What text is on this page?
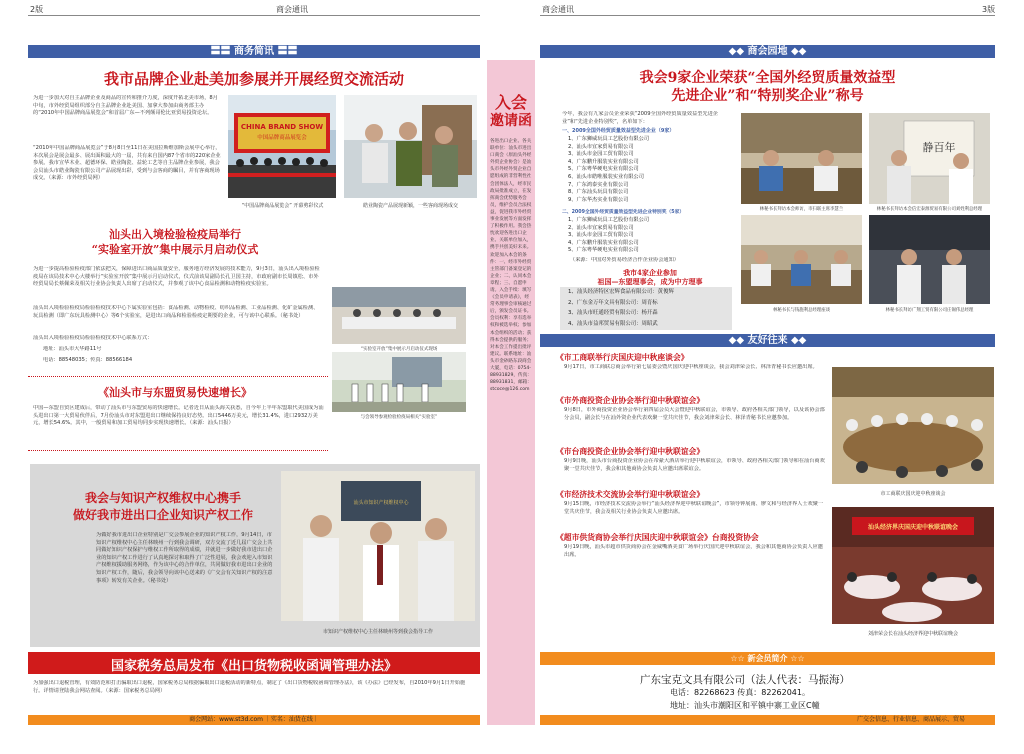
2版	商会通讯
〓〓 商务简讯 〓〓
我市品牌企业赴美加参展并开展经贸交流活动
为进一步加大对自主品牌企业及商品的宣传和推介力度，深度开拓北美市场，8月中旬，市外经贸局组织部分自主品牌企业赴美国、加拿大参加由商务部主办的“2010年中国品牌商品展览会”和首届广东—不列颠哥伦比亚贸易投资论坛。
“2010年中国品牌商品展览会”于8月8日至11日在美国拉斯维加斯会展中心举行，本次展会是展会最多、展出面积最大的一届，共有来自国内87个省市的220家企业参展。我市宣华木业、超德环保、皓业陶瓷、益轮工艺等自主品牌企业参展，我会会员汕头市皓业陶瓷有限公司产品展现出彩，受到与会客商的瞩目，并有客商现场成交。（来源：市外经贸局网）
CHINA BRAND SHOW
中国品牌商品展览会
“中国品牌商品展览会” 开幕剪彩仪式	皓业陶瓷产品展现新颖，一些客商现场成交
汕头出入境检验检疫局举行
“实验室开放”集中展示月启动仪式
为进一步提高检验检疫部门依法把关，保障进出口商品质量安全，服务地方经济发展的技术能力，9月3日，汕头出入境检验检疫局在该局技术中心大楼举行“实验室开放”集中展示月启动仪式，仪式前该局副局长孔卫国主持，市政府副市长周镇松、市外经贸局局长蔡佩荣及相关行业协会负责人出席了启动仪式，并参观了该中心食品检测和动物检疫实验室。
汕头出入境检验检疫局检验检疫技术中心下属实验室包括：食品检测、动物检疫、纺织品检测、工业品检测、化矿金属检测、玩具检测（即广东玩具检测中心）等6个实验室，是进出口商品和检验检疫定期要的企业，可与该中心联系。（秘书处）
汕头出入境检验检疫局检验检疫技术中心联系方式：
地址：汕头市大华路11号
电话：88548035；传真：88566184
“实验室开放”集中展示月启动仪式现场
与会领导参观检验检疫局相关“实验室”
《汕头市与东盟贸易快速增长》
中国—东盟自贸区建成后，带动了汕头市与东盟贸易的快速增长。记者近日从汕头海关获悉，自今年上半年东盟取代美国成为汕头进出口第一大贸易伙伴后，7月份汕头市对东盟进出口继续保持良好态势。出口5446万美元，增长31.4%，进口2932万美元，增长54.6%。其中，一般贸易和加工贸易均同步实现快速增长。（来源：汕头日报）
我会与知识产权维权中心携手
做好我市进出口企业知识产权工作
为做好我市进出口企业特别是广交会参展企业的知识产权工作，9月14日，市知识产权维权中心主任林映州一行到我会调研，双方交流了近几届广交会上共同做好知识产权保护与维权工作所取得的成绩，并就进一步做好我市进出口企业的知识产权工作进行了认真地探讨和取得了广泛性进展，我会欢迎入市知识产权维权援助服务网络，作为该中心的合作单位，共同做好我市进出口企业的知识产权工作，随后，我会领导向该中心送来的《广交会有关知识产权的注意事项》转发有关企业。（秘书处）
汕头市知识产权维权中心
市知识产权维权中心主任林映州等到我会指导工作
国家税务总局发布《出口货物税收函调管理办法》
为加强出口退税管理，有效防范和打击骗取出口退税，国家税务总局根据骗取出口退税活动的新特点，制定了《出口货物税收函调管理办法》，该《办法》已经发布，自2010年9月1日开始施行。详情请登陆我会网站查阅。（来源：国家税务总局网）
商会网站：www.st3d.com ｜实名：汕货在线｜
入会
邀请函
各进出口企业、各关联单位：汕头市进出口商会（原汕头外经外贸企业协会）是汕头市外经外贸企业自愿组成的非营利性社会团体法人，经市民政局批准成立，在发挥商会优势服务会员，维护会员合法权益，促进我市外经贸事业发展等方面发挥了积极作用。我会热忱欢迎各进出口企业、关联单位加入，携手共创美好未来。欢迎加入本会的条件：一、经市外经贸主管部门备案登记的企业；二、认同本会章程；三、自愿申请。入会手续：填写《会员申请表》，经常务理事会审核通过后，颁发会员证书。会员权利：享有选举权和被选举权；参加本会组织的活动；获得本会提供的服务；对本会工作提出批评建议。联系地址：汕头市金砂路东段商会大厦，电话：0754-88931829，传真：88931831，邮箱：stcoce@126.com
商会通讯	3版
◆◆ 商会园地 ◆◆
我会9家企业荣获“全国外经贸质量效益型
先进企业”和“特别奖企业”称号
今年，我会有九家会员企业荣获“2009全国外经贸质量效益型先进企业”和“先进企业特别奖”，名单如下：
一、2009全国外经贸质量效益型先进企业（9家）
1、广东狮威玩具工艺股份有限公司
2、汕头市宜家贸易有限公司
3、汕头市金园工贸有限公司
4、广东鹏升服装实业有限公司
5、广东粤华硬电实业有限公司
6、汕头市皓唯服装实业有限公司
7、广东鸿泰实业有限公司
8、广东汕头玩具有限公司
9、广东华杰实业有限公司
二、2009全国外经贸质量效益型先进企业特别奖（5家）
1、广东狮威玩具工艺股份有限公司
2、汕头市宜家贸易有限公司
3、汕头市金园工贸有限公司
4、广东鹏升服装实业有限公司
5、广东粤华硬电实业有限公司
（来源：中国对外贸易经济合作企业协会通知）
我市4家企业参加
祖国—东盟理事会，成为中方理事
1、汕头经济特区宏辉食品有限公司：黄俊辉
2、广东金万年文具有限公司：周育标
3、汕头市旺通经贸有限公司：杨开森
4、汕头市益邦贸易有限公司：周昭武
林秘书长拜访本会师访，市扫联主席李慧兰
静百年
林秘书长拜访本会信宏泰源贸易有限公司刘姓利总经理
林秘书长与钱施利总经理座谈	林秘书长拜访广翔工贸有限公司庄锡伟总经理
◆◆ 友好往来 ◆◆
《市工商联举行庆国庆迎中秋座谈会》
9月17日，市工商联总商会举行第七届委会暨庆国庆迎中秋座谈会，我会刘津荣会长、林泽青秘书长应邀出席。
《市外商投资企业协会举行迎中秋联谊会》
9月8日，市外商投资企业协会举行第四届会员大会暨迎中秋联谊会，市领导、政府各相关部门领导，以及该协会部分会员，副会长与在汕外资企业代表欢聚一堂共庆佳节，我会刘津荣会长、林泽青秘书长应邀参加。
《市台商投资企业协会举行迎中秋联谊会》
9月9日晚，汕头市台商投资企业协会在帝豪大酒店举行迎中秋联谊会，市领导、政府各相关部门领导和在汕台商欢聚一堂共庆佳节，我会和其他商协会负责人应邀出席联谊会。
《市经济技术交流协会举行迎中秋联谊会》
9月15日晚，市经济技术交流协会举行“汕头经济界迎中秋联谊晚会”，市领导钟展南、廖文和与经济界人士欢聚一堂共庆佳节，我会及相关行业协会负责人应邀出席。
《超市供货商协会举行庆国庆迎中秋联谊会》台商投资协会
9月19日晚，汕头市超市供货商协会在金威嘴酒美食广场举行庆国庆迎中秋联谊会，我会和其他商协会负责人应邀出席。
市工商联庆国庆迎中秋座谈会
汕头经济界庆国庆迎中秋联谊晚会
刘津荣会长在汕头经济界迎中秋联谊晚会
☆☆ 新会员简介 ☆☆
广东宝克文具有限公司（法人代表：马振海）
电话：82268623 传真：82262041。
地址：汕头市潮阳区和平镇中寨工业区C幢
广交会信息、行业信息、商品展示、贸易
